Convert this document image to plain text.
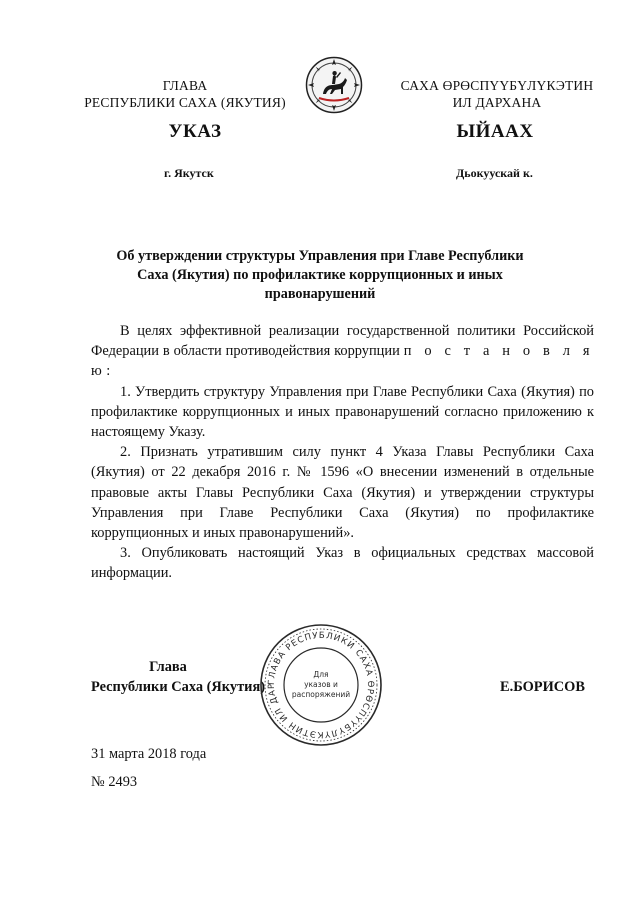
ГЛАВА
РЕСПУБЛИКИ САХА (ЯКУТИЯ)
САХА ӨРӨСПҮҮБҮЛҮКЭТИН
ИЛ ДАРХАНА
УКАЗ	ЫЙААХ
г. Якутск	Дьокуускай к.
Об утверждении структуры Управления при Главе Республики Саха (Якутия) по профилактике коррупционных и иных правонарушений

В целях эффективной реализации государственной политики Российской Федерации в области противодействия коррупции п о с т а н о в л я ю:

1. Утвердить структуру Управления при Главе Республики Саха (Якутия) по профилактике коррупционных и иных правонарушений согласно приложению к настоящему Указу.

2. Признать утратившим силу пункт 4 Указа Главы Республики Саха (Якутия) от 22 декабря 2016 г. № 1596 «О внесении изменений в отдельные правовые акты Главы Республики Саха (Якутия) и утверждении структуры Управления при Главе Республики Саха (Якутия) по профилактике коррупционных и иных правонарушений».

3. Опубликовать настоящий Указ в официальных средствах массовой информации.

Глава
Республики Саха (Якутия) ГЛАВА РЕСПУБЛИКИ САХА ӨРӨСПҮҮБҮЛҮКЭТИН ИЛ ДАР
Для
указов и
распоряжений	Е.БОРИСОВ
31 марта 2018 года
№ 2493
